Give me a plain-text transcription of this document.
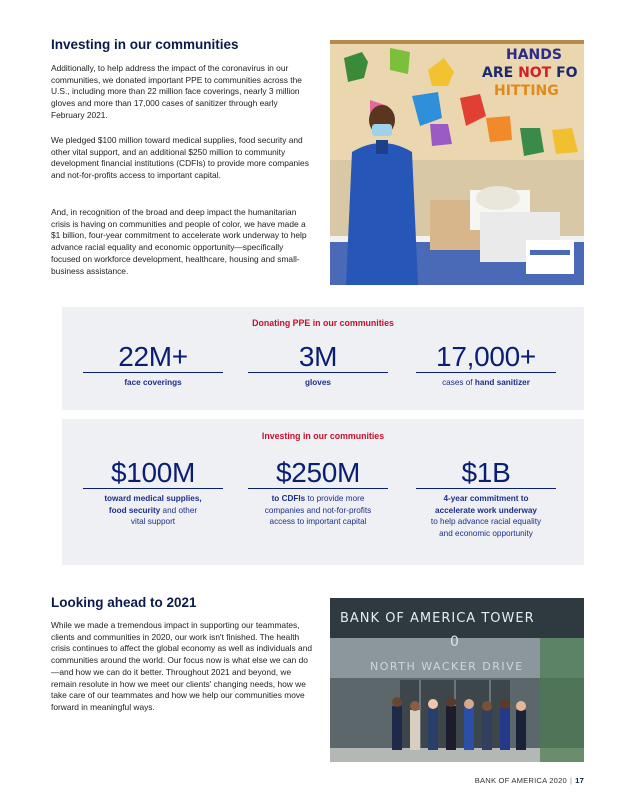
Investing in our communities
Additionally, to help address the impact of the coronavirus in our communities, we donated important PPE to communities across the U.S., including more than 22 million face coverings, nearly 3 million gloves and more than 17,000 cases of sanitizer through early February 2021.
We pledged $100 million toward medical supplies, food security and other vital support, and an additional $250 million to community development financial institutions (CDFIs) to provide more companies and not-for-profits access to important capital.
And, in recognition of the broad and deep impact the humanitarian crisis is having on communities and people of color, we have made a $1 billion, four-year commitment to accelerate work underway to help advance racial equality and economic opportunity—specifically focused on workforce development, healthcare, housing and small-business assistance.
HANDS
ARE NOT FO
HITTING
Donating PPE in our communities
22M+
face coverings
3M
gloves
17,000+
cases of hand sanitizer
Investing in our communities
$100M
toward medical supplies,
food security and other
vital support
$250M
to CDFIs to provide more
companies and not-for-profits
access to important capital
$1B
4-year commitment to
accelerate work underway
to help advance racial equality
and economic opportunity
Looking ahead to 2021
While we made a tremendous impact in supporting our teammates, clients and communities in 2020, our work isn't finished. The health crisis continues to affect the global economy as well as individuals and communities around the world. Our focus now is what else we can do—and how we can do it better. Throughout 2021 and beyond, we remain resolute in how we meet our clients' changing needs, how we take care of our teammates and how we help our communities move forward in meaningful ways.
BANK OF AMERICA TOWER
0
NORTH WACKER DRIVE
BANK OF AMERICA 2020 | 17
